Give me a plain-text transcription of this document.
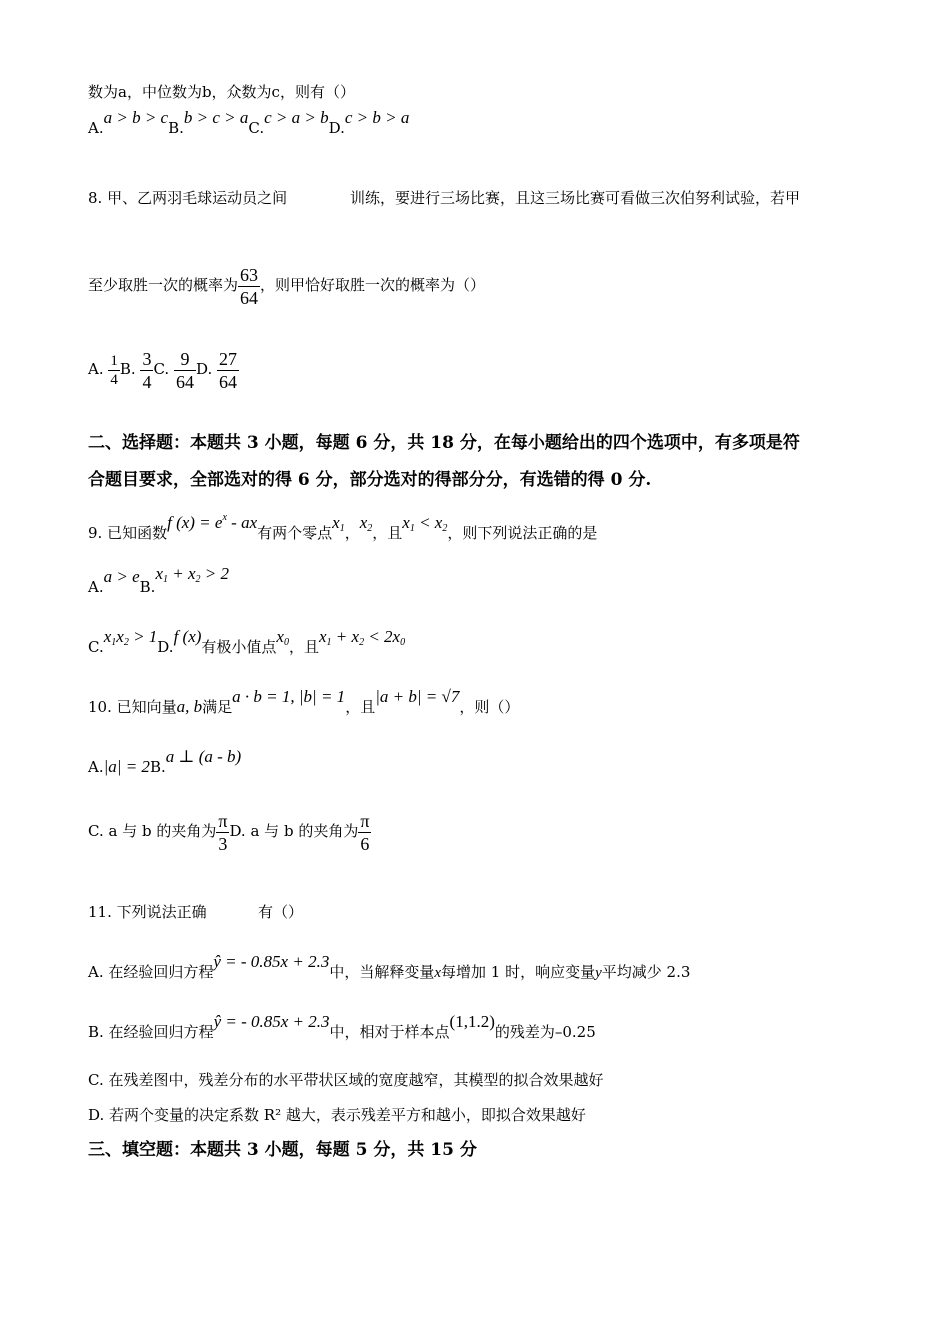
数为a，中位数为b，众数为c，则有（）
A.a > b > cB.b > c > aC.c > a > bD.c > b > a
8. 甲、乙两羽毛球运动员之间	训练，要进行三场比赛，且这三场比赛可看做三次伯努利试验，若甲
至少取胜一次的概率为 $\frac{63}{64}$ ，则甲恰好取胜一次的概率为（）
A. $\frac{1}{4} B$. $\frac{3}{4} C$. $\frac{9}{64} D$. $\frac{27}{64}$
二、选择题：本题共 3 小题，每题 6 分，共 18 分，在每小题给出的四个选项中，有多项是符
合题目要求，全部选对的得 6 分，部分选对的得部分分，有选错的得 0 分.
9. 已知函数f $(x) = e^x$ - ax有两个零点$x_1$，$x_2$，且$x_1 < x_2$，则下列说法正确的是
$A.a > eB.x_1 + x_2 > 2$
$C.x_1x_2 > 1D.f$ (x)有极小值点$x_0$，且$x_1 + x_2 < 2x_0$
10. 已知向量a, b满足a · b = 1, |b| = 1，且|a + b| = √7，则（）
A.|a| = 2B.a ⊥ (a - b)
C. a 与 b 的夹角为 $\frac{\pi}{3} D$. a 与 b 的夹角为 $\frac{\pi}{6}$
11. 下列说法正确	有（）
A. 在经验回归方程ŷ = - 0.85x + 2.3中，当解释变量x每增加 1 时，响应变量y平均减少 2.3
B. 在经验回归方程ŷ = - 0.85x + 2.3中，相对于样本点(1,1.2)的残差为–0.25
C. 在残差图中，残差分布的水平带状区域的宽度越窄，其模型的拟合效果越好
D. 若两个变量的决定系数 R² 越大，表示残差平方和越小，即拟合效果越好
三、填空题：本题共 3 小题，每题 5 分，共 15 分
